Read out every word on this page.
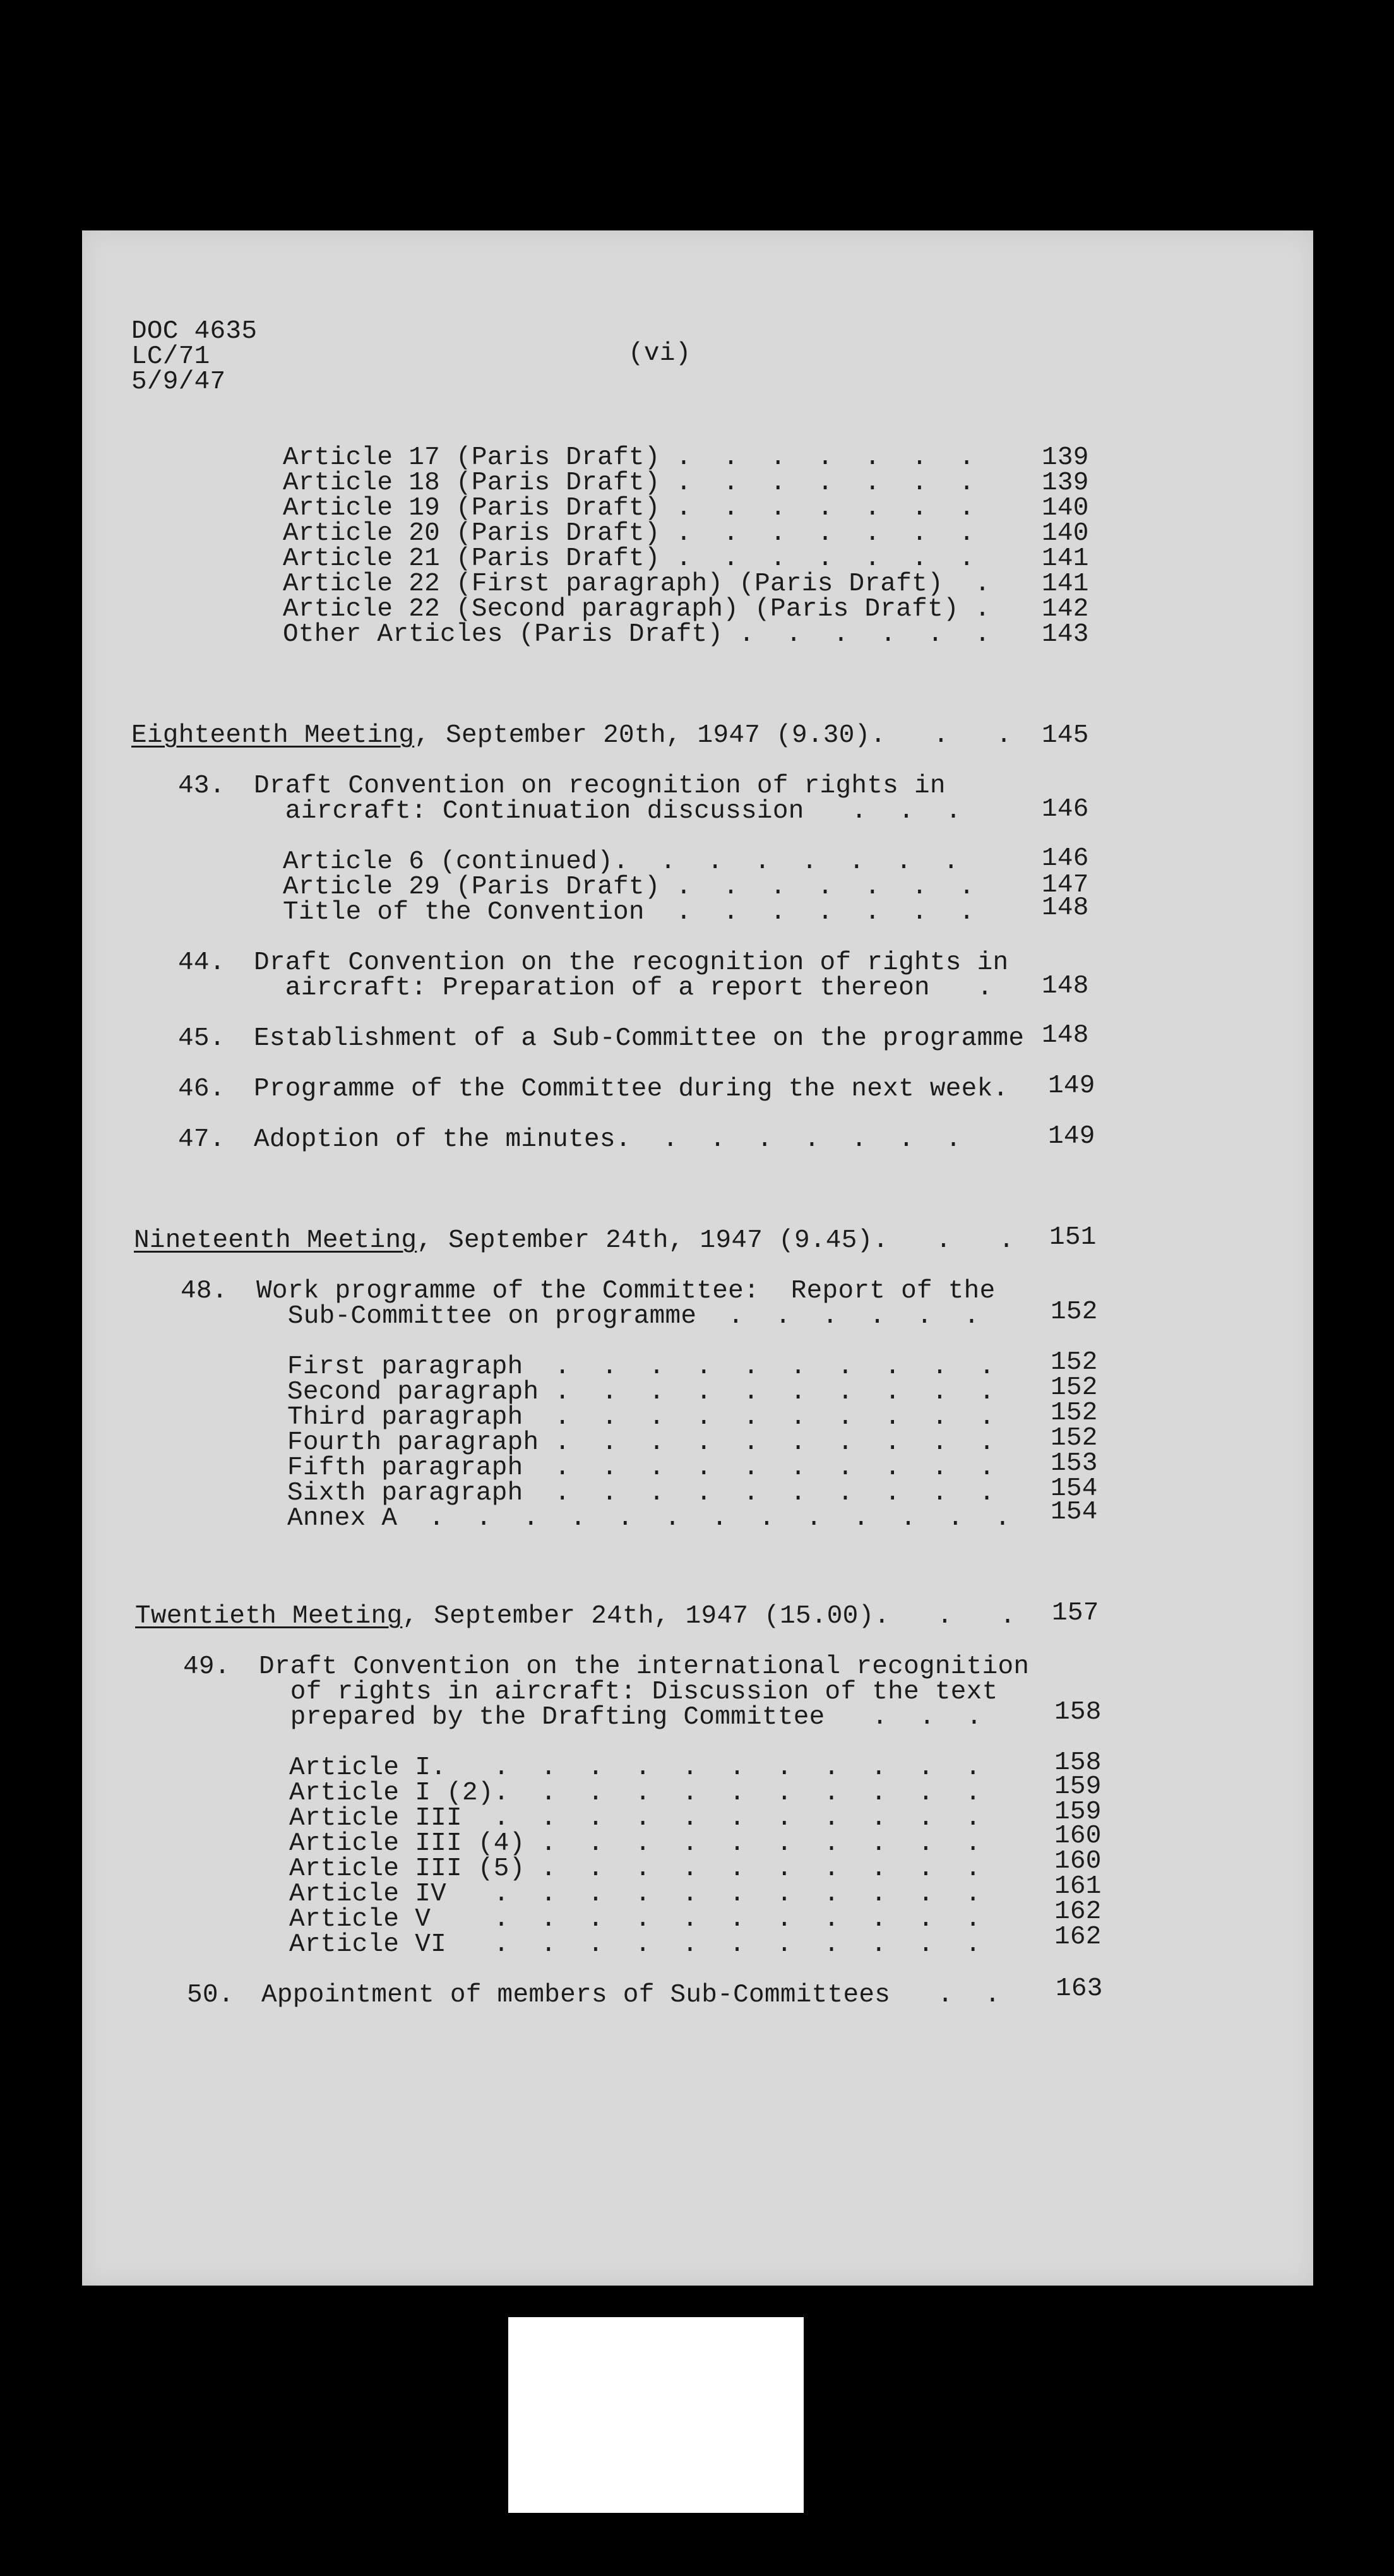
DOC 4635
LC/71
5/9/47
(vi)
Article 17 (Paris Draft) .  .  .  .  .  .  .	139
Article 18 (Paris Draft) .  .  .  .  .  .  .	139
Article 19 (Paris Draft) .  .  .  .  .  .  .	140
Article 20 (Paris Draft) .  .  .  .  .  .  .	140
Article 21 (Paris Draft) .  .  .  .  .  .  .	141
Article 22 (First paragraph) (Paris Draft)  . 141
Article 22 (Second paragraph) (Paris Draft) . 142
Other Articles (Paris Draft) .  .  .  .  .  . 143
Eighteenth Meeting, September 20th, 1947 (9.30).   .   . 145
43. Draft Convention on recognition of rights in
aircraft: Continuation discussion   .  .  .	146
Article 6 (continued).  .  .  .  .  .  .  .	146
Article 29 (Paris Draft) .  .  .  .  .  .  .	147
Title of the Convention  .  .  .  .  .  .  .	148
44. Draft Convention on the recognition of rights in
aircraft: Preparation of a report thereon   . 148
45. Establishment of a Sub-Committee on the programme 148
46. Programme of the Committee during the next week. 149
47. Adoption of the minutes.  .  .  .  .  .  .  .	149
Nineteenth Meeting, September 24th, 1947 (9.45).   .   . 151
48. Work programme of the Committee:  Report of the
Sub-Committee on programme  .  .  .  .  .  .	152
First paragraph  .  .  .  .  .  .  .  .  .  . 152
Second paragraph .  .  .  .  .  .  .  .  .  . 152
Third paragraph  .  .  .  .  .  .  .  .  .  . 152
Fourth paragraph .  .  .  .  .  .  .  .  .  . 152
Fifth paragraph  .  .  .  .  .  .  .  .  .  . 153
Sixth paragraph  .  .  .  .  .  .  .  .  .  . 154
Annex A  .  .  .  .  .  .  .  .  .  .  .  .  . 154
Twentieth Meeting, September 24th, 1947 (15.00).   .   . 157
49. Draft Convention on the international recognition
of rights in aircraft: Discussion of the text
prepared by the Drafting Committee   .  .  .	158
Article I.   .  .  .  .  .  .  .  .  .  .  .	158
Article I (2).  .  .  .  .  .  .  .  .  .  .	159
Article III  .  .  .  .  .  .  .  .  .  .  .	159
Article III (4) .  .  .  .  .  .  .  .  .  .	160
Article III (5) .  .  .  .  .  .  .  .  .  .	160
Article IV   .  .  .  .  .  .  .  .  .  .  .	161
Article V    .  .  .  .  .  .  .  .  .  .  .	162
Article VI   .  .  .  .  .  .  .  .  .  .  .	162
50. Appointment of members of Sub-Committees   .  . 163
